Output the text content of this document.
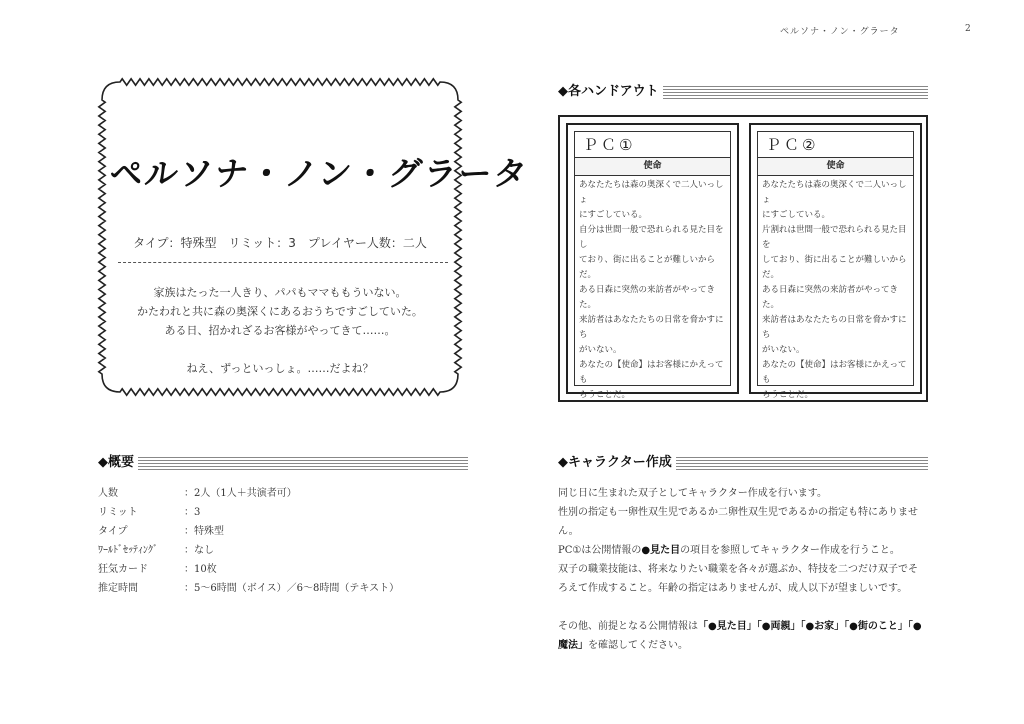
ペルソナ・ノン・グラータ	2
ペルソナ・ノン・グラータ
タイプ：特殊型　リミット：3　プレイヤー人数：二人
家族はたった一人きり、パパもママももういない。
かたわれと共に森の奥深くにあるおうちですごしていた。
ある日、招かれざるお客様がやってきて……。
ねえ、ずっといっしょ。……だよね？
◆各ハンドアウト
ＰＣ①
使命
あなたたちは森の奥深くで二人いっしょ
にすごしている。
自分は世間一般で恐れられる見た目をし
ており、街に出ることが難しいからだ。
ある日森に突然の来訪者がやってきた。
来訪者はあなたたちの日常を脅かすにち
がいない。
あなたの【使命】はお客様にかえっても
らうことだ。
ＰＣ②
使命
あなたたちは森の奥深くで二人いっしょ
にすごしている。
片割れは世間一般で恐れられる見た目を
しており、街に出ることが難しいからだ。
ある日森に突然の来訪者がやってきた。
来訪者はあなたたちの日常を脅かすにち
がいない。
あなたの【使命】はお客様にかえっても
らうことだ。
◆概要
人数	：2人（1人＋共演者可）
リミット	：3
タイプ	：特殊型
ﾜｰﾙﾄﾞｾｯﾃｨﾝｸﾞ	：なし
狂気カード	：10枚
推定時間	：5～6時間（ボイス）／6～8時間（テキスト）
◆キャラクター作成

同じ日に生まれた双子としてキャラクター作成を行います。

性別の指定も一卵性双生児であるか二卵性双生児であるかの指定も特にありませ

ん。

PC①は公開情報の●見た目の項目を参照してキャラクター作成を行うこと。

双子の職業技能は、将来なりたい職業を各々が選ぶか、特技を二つだけ双子でそ

ろえて作成すること。年齢の指定はありませんが、成人以下が望ましいです。

その他、前提となる公開情報は「●見た目」「●両親」「●お家」「●街のこと」「●

魔法」を確認してください。
